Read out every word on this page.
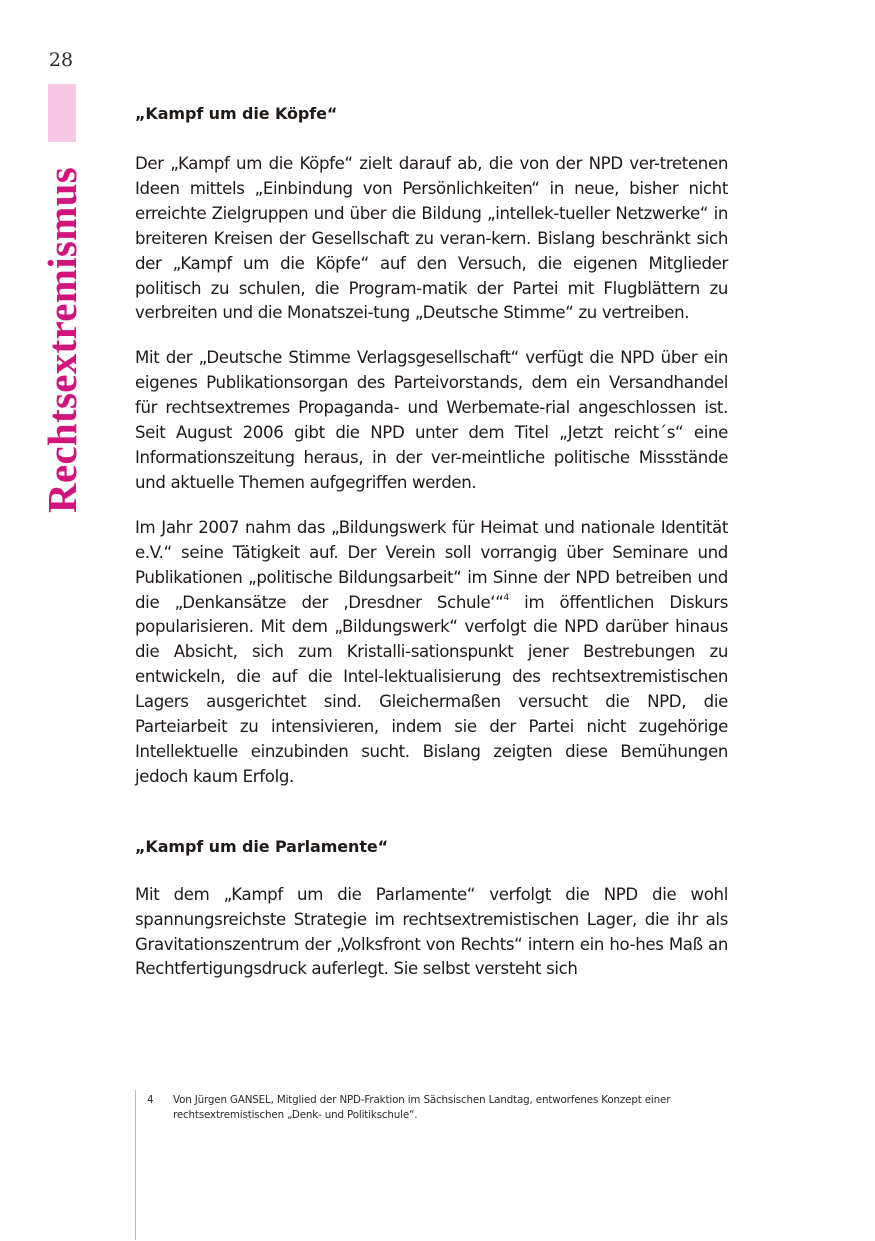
28
Rechtsextremismus
„Kampf um die Köpfe“

Der „Kampf um die Köpfe“ zielt darauf ab, die von der NPD ver-tretenen Ideen mittels „Einbindung von Persönlichkeiten“ in neue, bisher nicht erreichte Zielgruppen und über die Bildung „intellek-tueller Netzwerke“ in breiteren Kreisen der Gesellschaft zu veran-kern. Bislang beschränkt sich der „Kampf um die Köpfe“ auf den Versuch, die eigenen Mitglieder politisch zu schulen, die Program-matik der Partei mit Flugblättern zu verbreiten und die Monatszei-tung „Deutsche Stimme“ zu vertreiben.

Mit der „Deutsche Stimme Verlagsgesellschaft“ verfügt die NPD über ein eigenes Publikationsorgan des Parteivorstands, dem ein Versandhandel für rechtsextremes Propaganda- und Werbemate-rial angeschlossen ist. Seit August 2006 gibt die NPD unter dem Titel „Jetzt reicht´s“ eine Informationszeitung heraus, in der ver-meintliche politische Missstände und aktuelle Themen aufgegriffen werden.

Im Jahr 2007 nahm das „Bildungswerk für Heimat und nationale Identität e.V.“ seine Tätigkeit auf. Der Verein soll vorrangig über Seminare und Publikationen „politische Bildungsarbeit“ im Sinne der NPD betreiben und die „Denkansätze der ‚Dresdner Schule‘“$^4$ im öffentlichen Diskurs popularisieren. Mit dem „Bildungswerk“ verfolgt die NPD darüber hinaus die Absicht, sich zum Kristalli-sationspunkt jener Bestrebungen zu entwickeln, die auf die Intel-lektualisierung des rechtsextremistischen Lagers ausgerichtet sind. Gleichermaßen versucht die NPD, die Parteiarbeit zu intensivieren, indem sie der Partei nicht zugehörige Intellektuelle einzubinden sucht. Bislang zeigten diese Bemühungen jedoch kaum Erfolg.

„Kampf um die Parlamente“

Mit dem „Kampf um die Parlamente“ verfolgt die NPD die wohl spannungsreichste Strategie im rechtsextremistischen Lager, die ihr als Gravitationszentrum der „Volksfront von Rechts“ intern ein ho-hes Maß an Rechtfertigungsdruck auferlegt. Sie selbst versteht sich

4 Von Jürgen GANSEL, Mitglied der NPD-Fraktion im Sächsischen Landtag, entworfenes Konzept einer rechtsextremistischen „Denk- und Politikschule“.
